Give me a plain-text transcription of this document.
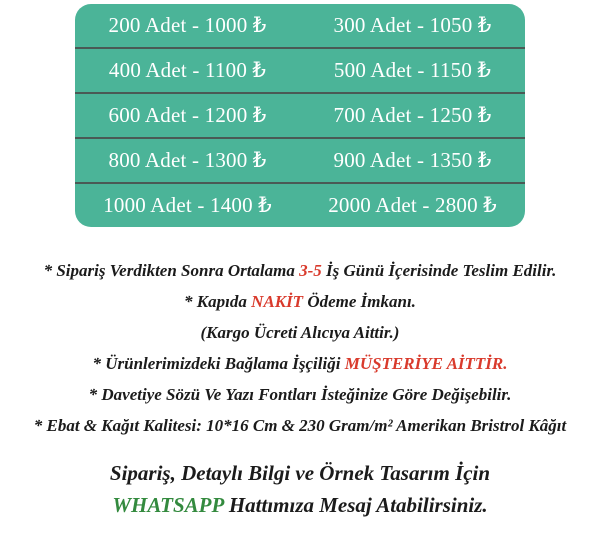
200 Adet - 1000 ₺	300 Adet - 1050 ₺
400 Adet - 1100 ₺	500 Adet - 1150 ₺
600 Adet - 1200 ₺	700 Adet - 1250 ₺
800 Adet - 1300 ₺	900 Adet - 1350 ₺
1000 Adet - 1400 ₺	2000 Adet - 2800 ₺

* Sipariş Verdikten Sonra Ortalama 3-5 İş Günü İçerisinde Teslim Edilir.

* Kapıda NAKİT Ödeme İmkanı.

(Kargo Ücreti Alıcıya Aittir.)

* Ürünlerimizdeki Bağlama İşçiliği MÜŞTERİYE AİTTİR.

* Davetiye Sözü Ve Yazı Fontları İsteğinize Göre Değişebilir.

* Ebat & Kağıt Kalitesi: 10*16 Cm & 230 Gram/m² Amerikan Bristrol Kâğıt

Sipariş, Detaylı Bilgi ve Örnek Tasarım İçin

WHATSAPP Hattımıza Mesaj Atabilirsiniz.
